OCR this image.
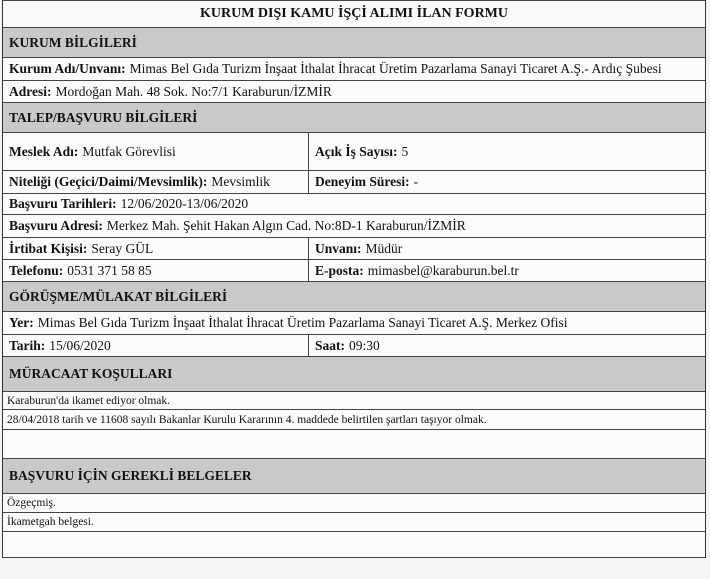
KURUM DIŞI KAMU İŞÇİ ALIMI İLAN FORMU
KURUM BİLGİLERİ
Kurum Adı/Unvanı: Mimas Bel Gıda Turizm İnşaat İthalat İhracat Üretim Pazarlama Sanayi Ticaret A.Ş.- Ardıç Şubesi
Adresi: Mordoğan Mah. 48 Sok. No:7/1 Karaburun/İZMİR
TALEP/BAŞVURU BİLGİLERİ
Meslek Adı: Mutfak Görevlisi	Açık İş Sayısı: 5
Niteliği (Geçici/Daimi/Mevsimlik): Mevsimlik	Deneyim Süresi: -
Başvuru Tarihleri: 12/06/2020-13/06/2020
Başvuru Adresi: Merkez Mah. Şehit Hakan Algın Cad. No:8D-1 Karaburun/İZMİR
İrtibat Kişisi: Seray GÜL	Unvanı: Müdür
Telefonu: 0531 371 58 85	E-posta: mimasbel@karaburun.bel.tr
GÖRÜŞME/MÜLAKAT BİLGİLERİ
Yer: Mimas Bel Gıda Turizm İnşaat İthalat İhracat Üretim Pazarlama Sanayi Ticaret A.Ş. Merkez Ofisi
Tarih: 15/06/2020	Saat: 09:30
MÜRACAAT KOŞULLARI
Karaburun'da ikamet ediyor olmak.
28/04/2018 tarih ve 11608 sayılı Bakanlar Kurulu Kararının 4. maddede belirtilen şartları taşıyor olmak.
BAŞVURU İÇİN GEREKLİ BELGELER
Özgeçmiş.
İkametgah belgesi.
